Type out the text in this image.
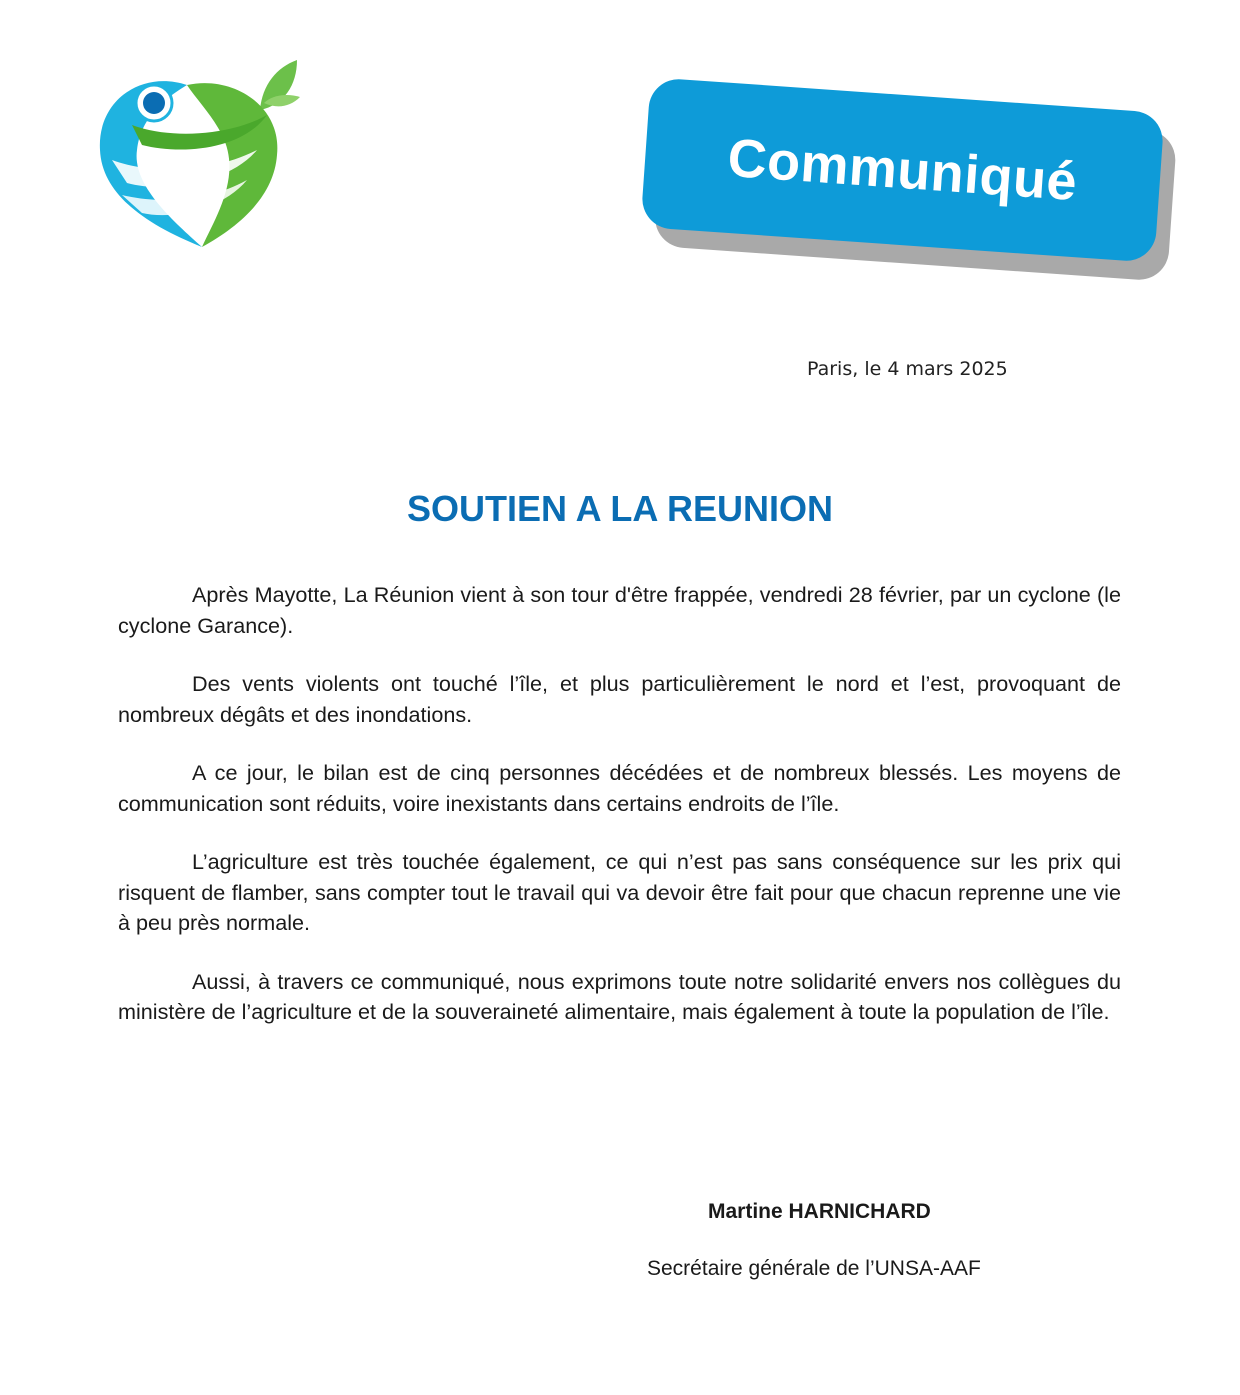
Communiqué
Paris, le 4 mars 2025
SOUTIEN A LA REUNION

Après Mayotte, La Réunion vient à son tour d'être frappée, vendredi 28 février, par un cyclone (le cyclone Garance).

Des vents violents ont touché l’île, et plus particulièrement le nord et l’est, provoquant de nombreux dégâts et des inondations.

A ce jour, le bilan est de cinq personnes décédées et de nombreux blessés. Les moyens de communication sont réduits, voire inexistants dans certains endroits de l’île.

L’agriculture est très touchée également, ce qui n’est pas sans conséquence sur les prix qui risquent de flamber, sans compter tout le travail qui va devoir être fait pour que chacun reprenne une vie à peu près normale.

Aussi, à travers ce communiqué, nous exprimons toute notre solidarité envers nos collègues du ministère de l’agriculture et de la souveraineté alimentaire, mais également à toute la population de l’île.

Martine HARNICHARD
Secrétaire générale de l’UNSA-AAF
